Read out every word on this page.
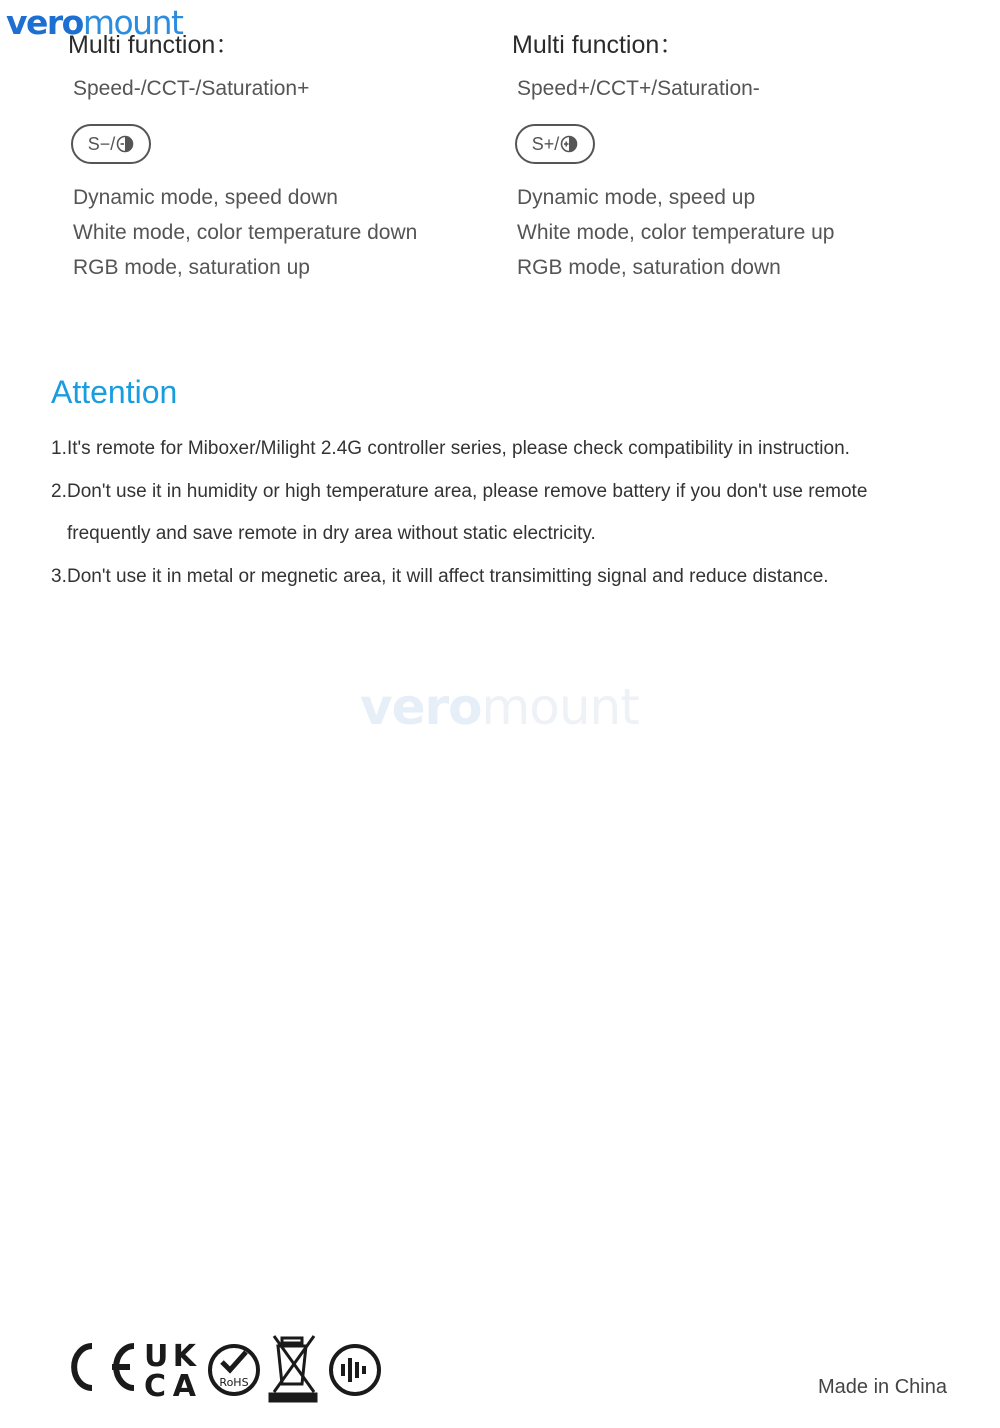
veromount
Multi function：
Speed-/CCT-/Saturation+
S−/
Dynamic mode, speed down
White mode, color temperature down
RGB mode, saturation up
Multi function：
Speed+/CCT+/Saturation-
S+/
Dynamic mode, speed up
White mode, color temperature up
RGB mode, saturation down
Attention
1.It's remote for Miboxer/Milight 2.4G controller series, please check compatibility in instruction.
2.Don't use it in humidity or high temperature area, please remove battery if you don't use remote
frequently and save remote in dry area without static electricity.
3.Don't use it in metal or megnetic area, it will affect transimitting signal and reduce distance.
veromount
UK
CA RoHS	Made in China
